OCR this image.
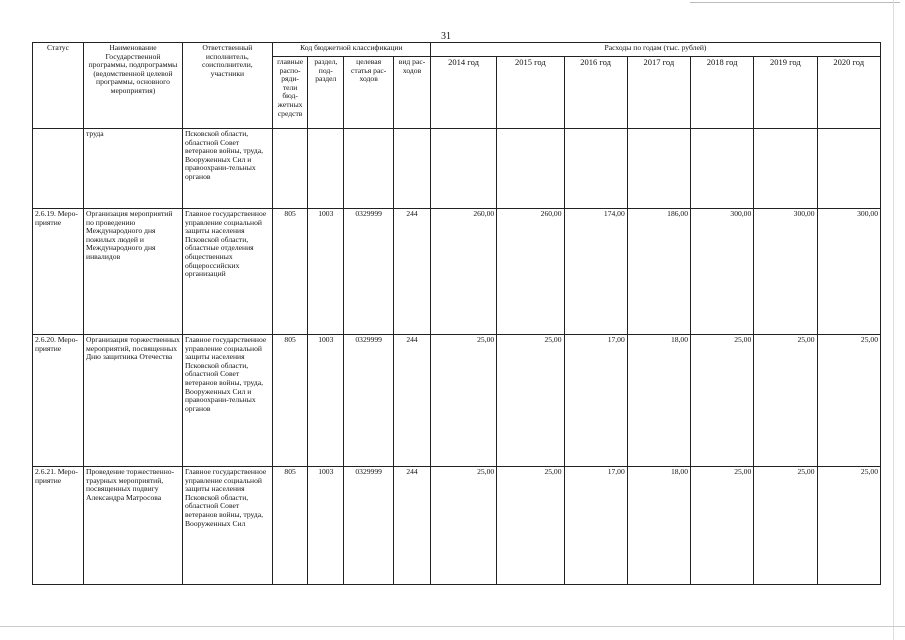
31
Статус	Наименование Государственной программы, подпрограммы (ведомственной целевой программы, основного мероприятия)	Ответственный исполнитель, соисполнители, участники	Код бюджетной классификации				Расходы по годам (тыс. рублей)						
			главные распо-ряди-тели бюд-жетных средств	раздел, под-раздел	целевая статья рас-ходов	вид рас-ходов	2014 год	2015 год	2016 год	2017 год	2018 год	2019 год	2020 год
	труда	Псковской области, областной Совет ветеранов войны, труда, Вооруженных Сил и правоохрани-тельных органов											
2.6.19. Меро-приятие	Организация мероприятий по проведению Международного дня пожилых людей и Международного дня инвалидов	Главное государственное управление социальной защиты населения Псковской области, областные отделения общественных общероссийских организаций	805	1003	0329999	244	260,00	260,00	174,00	186,00	300,00	300,00	300,00
2.6.20. Меро-приятие	Организация торжественных мероприятий, посвященных Дню защитника Отечества	Главное государственное управление социальной защиты населения Псковской области, областной Совет ветеранов войны, труда, Вооруженных Сил и правоохрани-тельных органов	805	1003	0329999	244	25,00	25,00	17,00	18,00	25,00	25,00	25,00
2.6.21. Меро-приятие	Проведение торжественно-траурных мероприятий, посвященных подвигу Александра Матросова	Главное государственное управление социальной защиты населения Псковской области, областной Совет ветеранов войны, труда, Вооруженных Сил	805	1003	0329999	244	25,00	25,00	17,00	18,00	25,00	25,00	25,00
